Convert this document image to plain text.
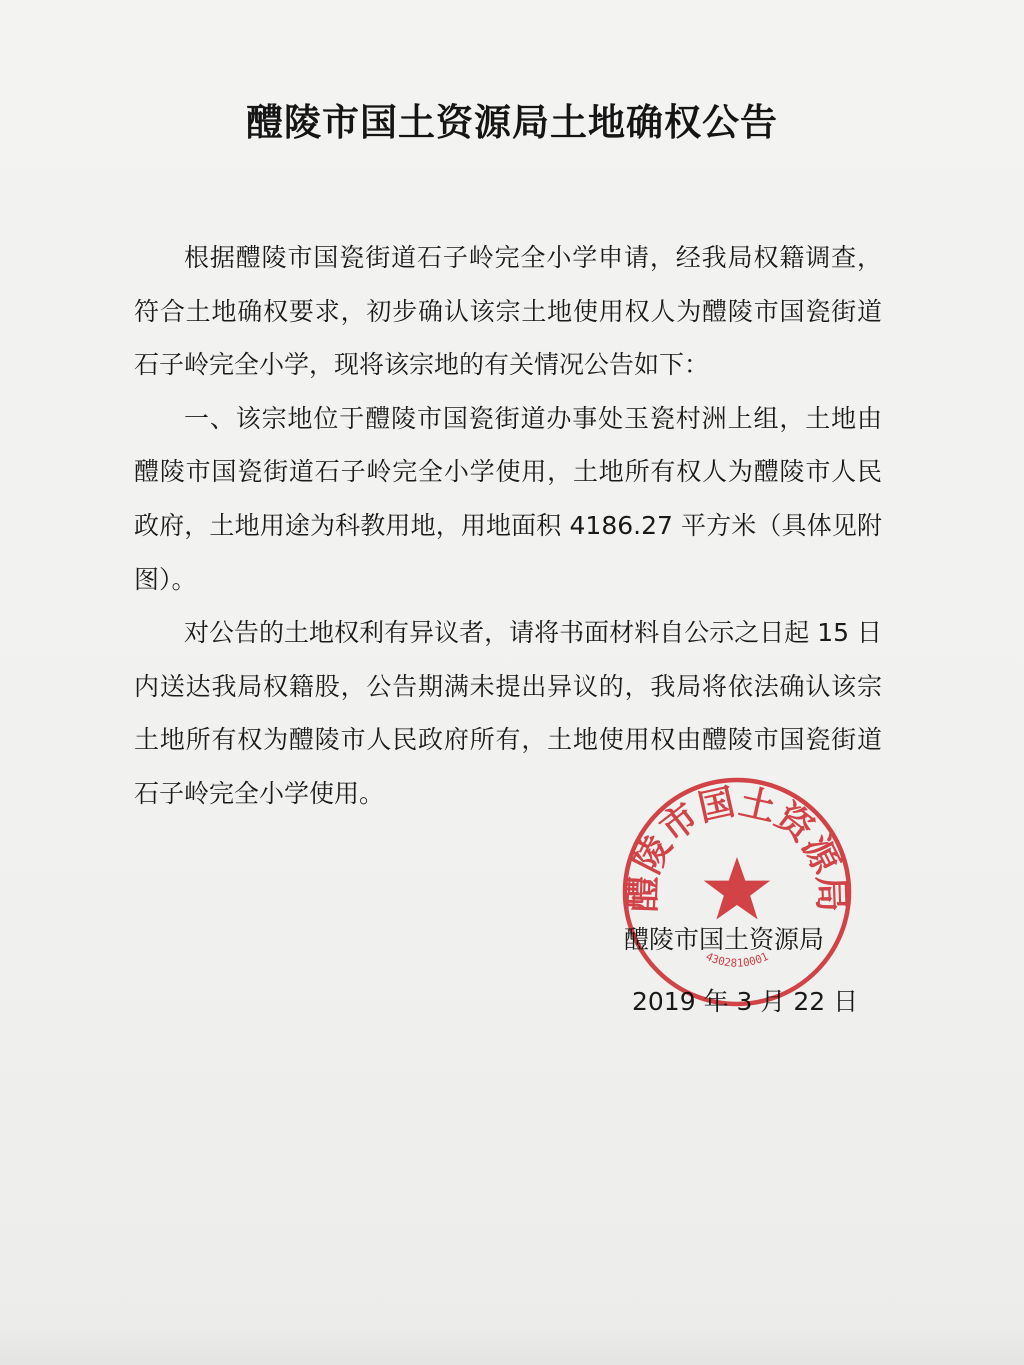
醴陵市国土资源局土地确权公告

根据醴陵市国瓷街道石子岭完全小学申请，经我局权籍调查，符合土地确权要求，初步确认该宗土地使用权人为醴陵市国瓷街道石子岭完全小学，现将该宗地的有关情况公告如下：

一、该宗地位于醴陵市国瓷街道办事处玉瓷村洲上组，土地由醴陵市国瓷街道石子岭完全小学使用，土地所有权人为醴陵市人民政府，土地用途为科教用地，用地面积 4186.27 平方米（具体见附图）。

对公告的土地权利有异议者，请将书面材料自公示之日起 15 日内送达我局权籍股，公告期满未提出异议的，我局将依法确认该宗土地所有权为醴陵市人民政府所有，土地使用权由醴陵市国瓷街道石子岭完全小学使用。

醴陵市国土资源局
2019 年 3 月 22 日
醴陵市国土资源局
4302810001
